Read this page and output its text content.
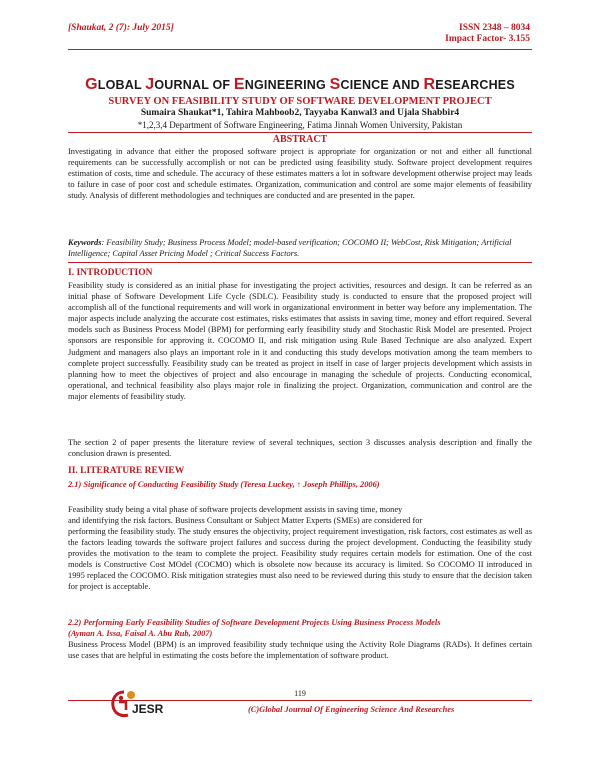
[Shaukat, 2 (7): July 2015]	ISSN 2348 – 8034
Impact Factor- 3.155
GLOBAL JOURNAL OF ENGINEERING SCIENCE AND RESEARCHES
SURVEY ON FEASIBILITY STUDY OF SOFTWARE DEVELOPMENT PROJECT
Sumaira Shaukat*1, Tahira Mahboob2, Tayyaba Kanwal3 and Ujala Shabbir4
*1,2,3,4 Department of Software Engineering, Fatima Jinnah Women University, Pakistan
ABSTRACT

Investigating in advance that either the proposed software project is appropriate for organization or not and either all functional requirements can be successfully accomplish or not can be predicted using feasibility study. Software project development requires estimation of costs, time and schedule. The accuracy of these estimates matters a lot in software development otherwise project may leads to failure in case of poor cost and schedule estimates. Organization, communication and control are some major elements of feasibility study. Analysis of different methodologies and techniques are conducted and are presented in the paper.

Keywords: Feasibility Study; Business Process Model; model-based verification; COCOMO II; WebCost, Risk Mitigation; Artificial Intelligence; Capital Asset Pricing Model ; Critical Success Factors.
I. INTRODUCTION

Feasibility study is considered as an initial phase for investigating the project activities, resources and design. It can be referred as an initial phase of Software Development Life Cycle (SDLC). Feasibility study is conducted to ensure that the proposed project will accomplish all of the functional requirements and will work in organizational environment in better way before any implementation. The major aspects include analyzing the accurate cost estimates, risks estimates that assists in saving time, money and effort required. Several models such as Business Process Model (BPM) for performing early feasibility study and Stochastic Risk Model are presented. Project sponsors are responsible for approving it. COCOMO II, and risk mitigation using Rule Based Technique are also analyzed. Expert Judgment and managers also plays an important role in it and conducting this study develops motivation among the team members to complete project successfully. Feasibility study can be treated as project in itself in case of larger projects development which assists in planning how to meet the objectives of project and also encourage in managing the schedule of projects. Conducting economical, operational, and technical feasibility also plays major role in finalizing the project. Organization, communication and control are the major elements of feasibility study.

The section 2 of paper presents the literature review of several techniques, section 3 discusses analysis description and finally the conclusion drawn is presented.

II. LITERATURE REVIEW
2.1) Significance of Conducting Feasibility Study (Teresa Luckey, ↑ Joseph Phillips, 2006)

Feasibility study being a vital phase of software projects development assists in saving time, money

and identifying the risk factors. Business Consultant or Subject Matter Experts (SMEs) are considered for

performing the feasibility study. The study ensures the objectivity, project requirement investigation, risk factors, cost estimates as well as the factors leading towards the software project failures and success during the project development. Conducting the feasibility study provides the motivation to the team to complete the project. Feasibility study requires certain models for estimation. One of the cost models is Constructive Cost MOdel (COCMO) which is obsolete now because its accuracy is limited. So COCOMO II introduced in 1995 replaced the COCOMO. Risk mitigation strategies must also need to be reviewed during this study to ensure that the decision taken for project is acceptable.

2.2) Performing Early Feasibility Studies of Software Development Projects Using Business Process Models
(Ayman A. Issa, Faisal A. Abu Rub, 2007)

Business Process Model (BPM) is an improved feasibility study technique using the Activity Role Diagrams (RADs). It defines certain use cases that are helpful in estimating the costs before the implementation of software product.

119
JESR	(C)Global Journal Of Engineering Science And Researches
